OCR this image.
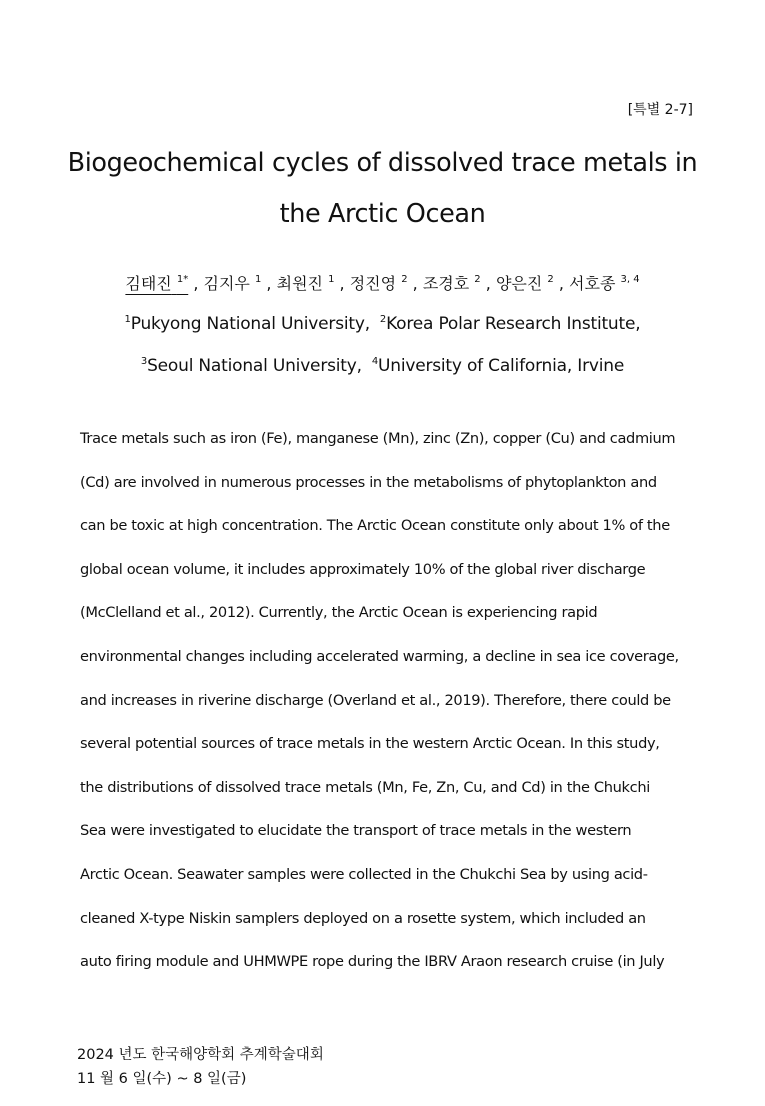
[특별 2-7]
Biogeochemical cycles of dissolved trace metals in
the Arctic Ocean
김태진 $^{1*}$ , 김지우 $^1$ , 최원진 $^1$ , 정진영 $^2$ , 조경호 $^2$ , 양은진 $^2$ , 서호종 $^{3, 4}$
$^1$Pukyong National University, $^2$Korea Polar Research Institute,
$^3$Seoul National University, $^4$University of California, Irvine
Trace metals such as iron (Fe), manganese (Mn), zinc (Zn), copper (Cu) and cadmium
(Cd) are involved in numerous processes in the metabolisms of phytoplankton and
can be toxic at high concentration. The Arctic Ocean constitute only about 1% of the
global ocean volume, it includes approximately 10% of the global river discharge
(McClelland et al., 2012). Currently, the Arctic Ocean is experiencing rapid
environmental changes including accelerated warming, a decline in sea ice coverage,
and increases in riverine discharge (Overland et al., 2019). Therefore, there could be
several potential sources of trace metals in the western Arctic Ocean. In this study,
the distributions of dissolved trace metals (Mn, Fe, Zn, Cu, and Cd) in the Chukchi
Sea were investigated to elucidate the transport of trace metals in the western
Arctic Ocean. Seawater samples were collected in the Chukchi Sea by using acid-
cleaned X-type Niskin samplers deployed on a rosette system, which included an
auto firing module and UHMWPE rope during the IBRV Araon research cruise (in July
2024 년도 한국해양학회 추계학술대회
11 월 6 일(수) ~ 8 일(금)
